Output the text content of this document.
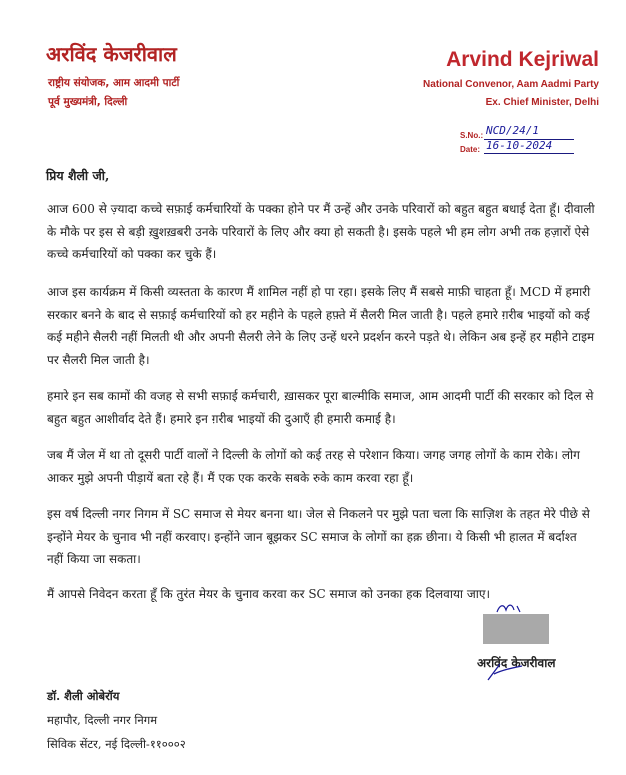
अरविंद केजरीवाल
राष्ट्रीय संयोजक, आम आदमी पार्टी
पूर्व मुख्यमंत्री, दिल्ली
Arvind Kejriwal
National Convenor, Aam Aadmi Party
Ex. Chief Minister, Delhi
S.No.: NCD/24/1
Date: 16-10-2024
प्रिय शैली जी,
आज 600 से ज़्यादा कच्चे सफ़ाई कर्मचारियों के पक्का होने पर मैं उन्हें और उनके परिवारों को बहुत बहुत बधाई देता हूँ। दीवाली के मौके पर इस से बड़ी ख़ुशख़बरी उनके परिवारों के लिए और क्या हो सकती है। इसके पहले भी हम लोग अभी तक हज़ारों ऐसे कच्चे कर्मचारियों को पक्का कर चुके हैं।
आज इस कार्यक्रम में किसी व्यस्तता के कारण मैं शामिल नहीं हो पा रहा। इसके लिए मैं सबसे माफ़ी चाहता हूँ। MCD में हमारी सरकार बनने के बाद से सफ़ाई कर्मचारियों को हर महीने के पहले हफ़्ते में सैलरी मिल जाती है। पहले हमारे ग़रीब भाइयों को कई कई महीने सैलरी नहीं मिलती थी और अपनी सैलरी लेने के लिए उन्हें धरने प्रदर्शन करने पड़ते थे। लेकिन अब इन्हें हर महीने टाइम पर सैलरी मिल जाती है।
हमारे इन सब कामों की वजह से सभी सफ़ाई कर्मचारी, ख़ासकर पूरा बाल्मीकि समाज, आम आदमी पार्टी की सरकार को दिल से बहुत बहुत आशीर्वाद देते हैं। हमारे इन ग़रीब भाइयों की दुआएँ ही हमारी कमाई है।
जब मैं जेल में था तो दूसरी पार्टी वालों ने दिल्ली के लोगों को कई तरह से परेशान किया। जगह जगह लोगों के काम रोके। लोग आकर मुझे अपनी पीड़ायें बता रहे हैं। मैं एक एक करके सबके रुके काम करवा रहा हूँ।
इस वर्ष दिल्ली नगर निगम में SC समाज से मेयर बनना था। जेल से निकलने पर मुझे पता चला कि साज़िश के तहत मेरे पीछे से इन्होंने मेयर के चुनाव भी नहीं करवाए। इन्होंने जान बूझकर SC समाज के लोगों का हक़ छीना। ये किसी भी हालत में बर्दाश्त नहीं किया जा सकता।
मैं आपसे निवेदन करता हूँ कि तुरंत मेयर के चुनाव करवा कर SC समाज को उनका हक दिलवाया जाए।
अरविंद केजरीवाल
डॉ. शैली ओबेरॉय
महापौर, दिल्ली नगर निगम
सिविक सेंटर, नई दिल्ली-११०००२
